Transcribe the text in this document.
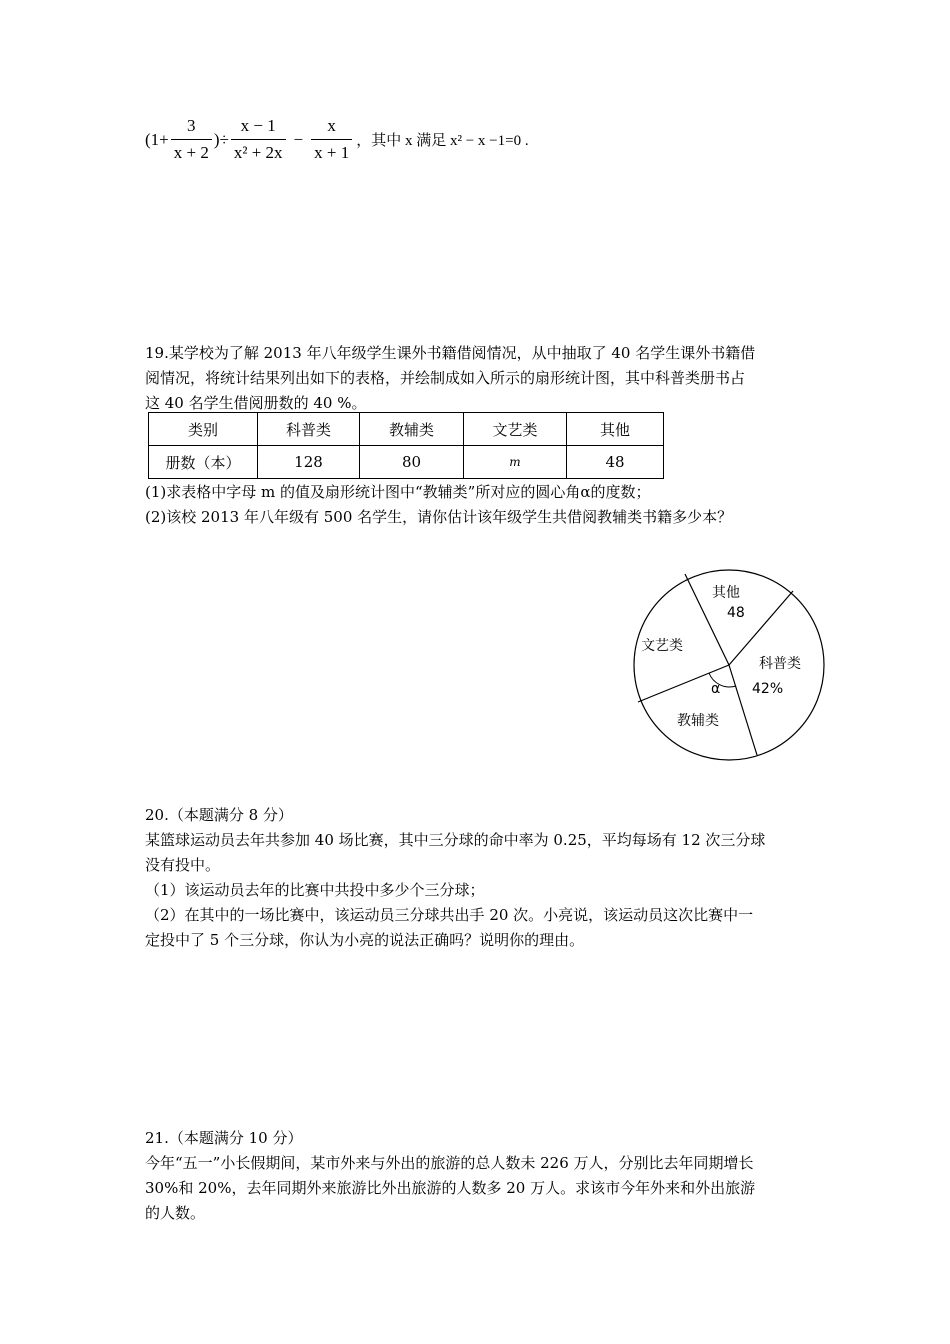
($1+ \frac{3}{x + 2}$ )÷ $\frac{x - 1}{\text{x² + 2x}} - \frac{x}{x + 1}$ ，其中 x 满足 x² − x −1=0 .
19.某学校为了解 2013 年八年级学生课外书籍借阅情况，从中抽取了 40 名学生课外书籍借
阅情况，将统计结果列出如下的表格，并绘制成如入所示的扇形统计图，其中科普类册书占
这 40 名学生借阅册数的 40 %。
类别	科普类	教辅类	文艺类	其他
册数（本）	128	80	m	48
(1)求表格中字母 m 的值及扇形统计图中“教辅类”所对应的圆心角α的度数；
(2)该校 2013 年八年级有 500 名学生，请你估计该年级学生共借阅教辅类书籍多少本？
其他
48
科普类
42%
教辅类
文艺类
α
20.（本题满分 8 分）
某篮球运动员去年共参加 40 场比赛，其中三分球的命中率为 0.25，平均每场有 12 次三分球
没有投中。
（1）该运动员去年的比赛中共投中多少个三分球；
（2）在其中的一场比赛中，该运动员三分球共出手 20 次。小亮说，该运动员这次比赛中一
定投中了 5 个三分球，你认为小亮的说法正确吗？说明你的理由。
21.（本题满分 10 分）
今年“五一”小长假期间，某市外来与外出的旅游的总人数未 226 万人，分别比去年同期增长
30%和 20%，去年同期外来旅游比外出旅游的人数多 20 万人。求该市今年外来和外出旅游
的人数。
